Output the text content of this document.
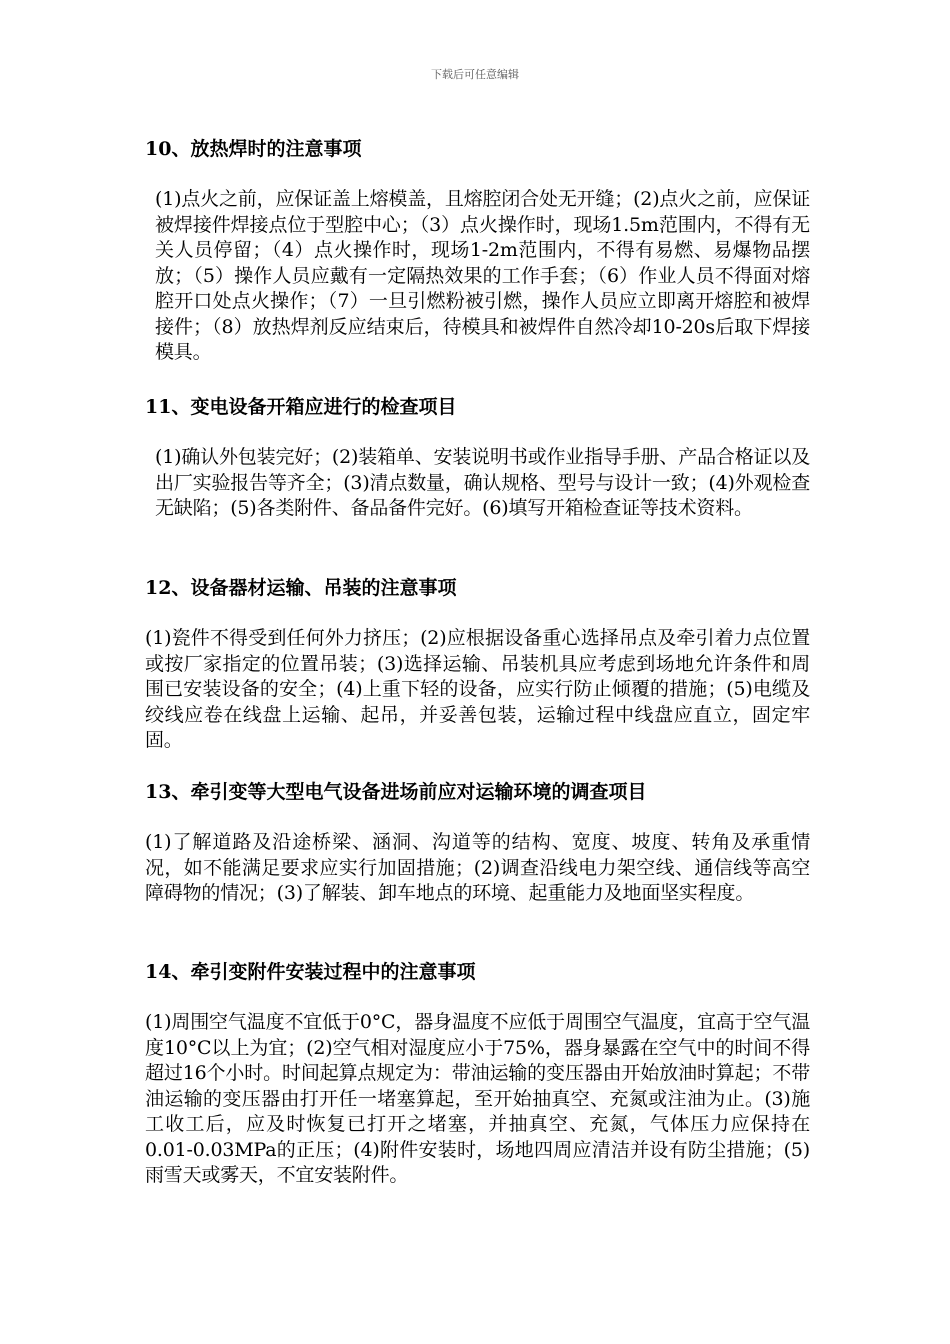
下载后可任意编辑
10、放热焊时的注意事项

(1)点火之前，应保证盖上熔模盖，且熔腔闭合处无开缝；(2)点火之前，应保证被焊接件焊接点位于型腔中心；（3）点火操作时，现场1.5m范围内，不得有无关人员停留；（4）点火操作时，现场1-2m范围内，不得有易燃、易爆物品摆放；（5）操作人员应戴有一定隔热效果的工作手套；（6）作业人员不得面对熔腔开口处点火操作；（7）一旦引燃粉被引燃，操作人员应立即离开熔腔和被焊接件；（8）放热焊剂反应结束后，待模具和被焊件自然冷却10-20s后取下焊接模具。

11、变电设备开箱应进行的检查项目

(1)确认外包装完好；(2)装箱单、安装说明书或作业指导手册、产品合格证以及出厂实验报告等齐全；(3)清点数量，确认规格、型号与设计一致；(4)外观检查无缺陷；(5)各类附件、备品备件完好。(6)填写开箱检查证等技术资料。

12、设备器材运输、吊装的注意事项

(1)瓷件不得受到任何外力挤压；(2)应根据设备重心选择吊点及牵引着力点位置或按厂家指定的位置吊装；(3)选择运输、吊装机具应考虑到场地允许条件和周围已安装设备的安全；(4)上重下轻的设备，应实行防止倾覆的措施；(5)电缆及绞线应卷在线盘上运输、起吊，并妥善包装，运输过程中线盘应直立，固定牢固。

13、牵引变等大型电气设备进场前应对运输环境的调查项目

(1)了解道路及沿途桥梁、涵洞、沟道等的结构、宽度、坡度、转角及承重情况，如不能满足要求应实行加固措施；(2)调查沿线电力架空线、通信线等高空障碍物的情况；(3)了解装、卸车地点的环境、起重能力及地面坚实程度。

14、牵引变附件安装过程中的注意事项

(1)周围空气温度不宜低于0°C，器身温度不应低于周围空气温度，宜高于空气温度10°C以上为宜；(2)空气相对湿度应小于75%，器身暴露在空气中的时间不得超过16个小时。时间起算点规定为：带油运输的变压器由开始放油时算起；不带油运输的变压器由打开任一堵塞算起，至开始抽真空、充氮或注油为止。(3)施工收工后，应及时恢复已打开之堵塞，并抽真空、充氮，气体压力应保持在0.01-0.03MPa的正压；(4)附件安装时，场地四周应清洁并设有防尘措施；(5)雨雪天或雾天，不宜安装附件。
